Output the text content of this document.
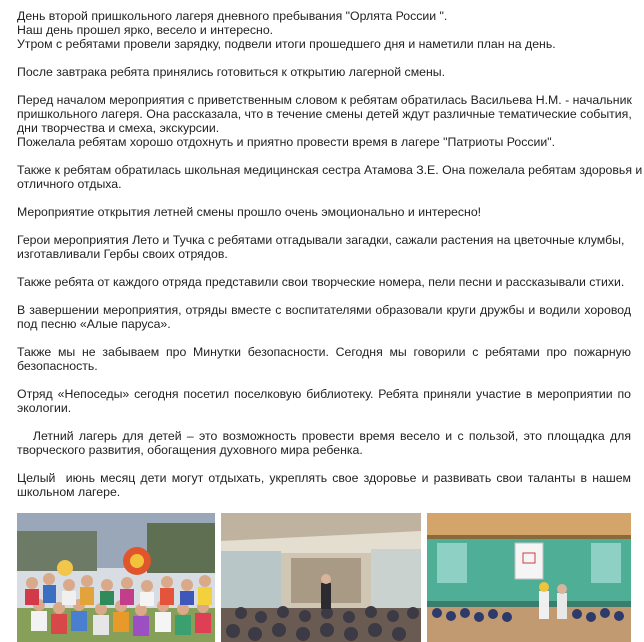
День второй пришкольного лагеря дневного пребывания "Орлята России ".
Наш день прошел ярко, весело и интересно.
Утром с ребятами провели зарядку, подвели итоги прошедшего дня и наметили план на день.
После завтрака ребята принялись готовиться к открытию лагерной смены.
Перед началом мероприятия с приветственным словом к ребятам обратилась Васильева Н.М. - начальник
пришкольного лагеря. Она рассказала, что в течение смены детей ждут различные тематические события,
дни творчества и смеха, экскурсии.
Пожелала ребятам хорошо отдохнуть и приятно провести время в лагере "Патриоты России".
Также к ребятам обратилась школьная медицинская сестра Атамова З.Е. Она пожелала ребятам здоровья и
отличного отдыха.
Мероприятие открытия летней смены прошло очень эмоционально и интересно!
Герои мероприятия Лето и Тучка с ребятами отгадывали загадки, сажали растения на цветочные клумбы,
изготавливали Гербы своих отрядов.
Также ребята от каждого отряда представили свои творческие номера, пели песни и рассказывали стихи.
В завершении мероприятия, отряды вместе с воспитателями образовали круги дружбы и водили хоровод
под песню «Алые паруса».
Также мы не забываем про Минутки безопасности. Сегодня мы говорили с ребятами про пожарную
безопасность.
Отряд «Непоседы» сегодня посетил поселковую библиотеку. Ребята приняли участие в мероприятии по
экологии.
Летний лагерь для детей – это возможность провести время весело и с пользой, это площадка для
творческого развития, обогащения духовного мира ребенка.
Целый  июнь месяц дети могут отдыхать, укреплять свое здоровье и развивать свои таланты в нашем
школьном лагере.
